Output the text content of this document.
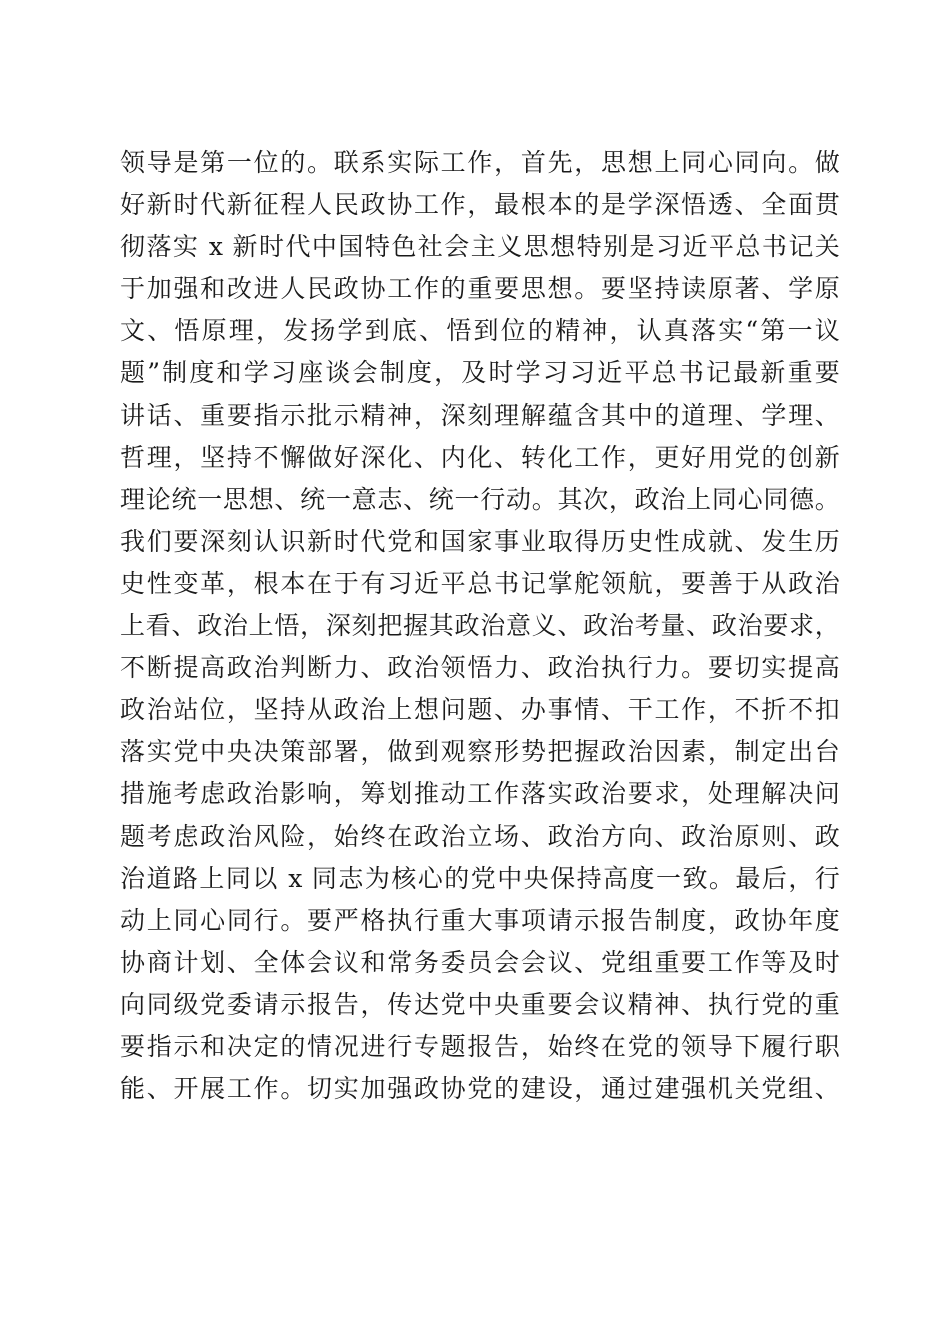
领导是第一位的。联系实际工作，首先，思想上同心同向。做
好新时代新征程人民政协工作，最根本的是学深悟透、全面贯
彻落实 x 新时代中国特色社会主义思想特别是习近平总书记关
于加强和改进人民政协工作的重要思想。要坚持读原著、学原
文、悟原理，发扬学到底、悟到位的精神，认真落实“第一议
题”制度和学习座谈会制度，及时学习习近平总书记最新重要
讲话、重要指示批示精神，深刻理解蕴含其中的道理、学理、
哲理，坚持不懈做好深化、内化、转化工作，更好用党的创新
理论统一思想、统一意志、统一行动。其次，政治上同心同德。
我们要深刻认识新时代党和国家事业取得历史性成就、发生历
史性变革，根本在于有习近平总书记掌舵领航，要善于从政治
上看、政治上悟，深刻把握其政治意义、政治考量、政治要求，
不断提高政治判断力、政治领悟力、政治执行力。要切实提高
政治站位，坚持从政治上想问题、办事情、干工作，不折不扣
落实党中央决策部署，做到观察形势把握政治因素，制定出台
措施考虑政治影响，筹划推动工作落实政治要求，处理解决问
题考虑政治风险，始终在政治立场、政治方向、政治原则、政
治道路上同以 x 同志为核心的党中央保持高度一致。最后，行
动上同心同行。要严格执行重大事项请示报告制度，政协年度
协商计划、全体会议和常务委员会会议、党组重要工作等及时
向同级党委请示报告，传达党中央重要会议精神、执行党的重
要指示和决定的情况进行专题报告，始终在党的领导下履行职
能、开展工作。切实加强政协党的建设，通过建强机关党组、
